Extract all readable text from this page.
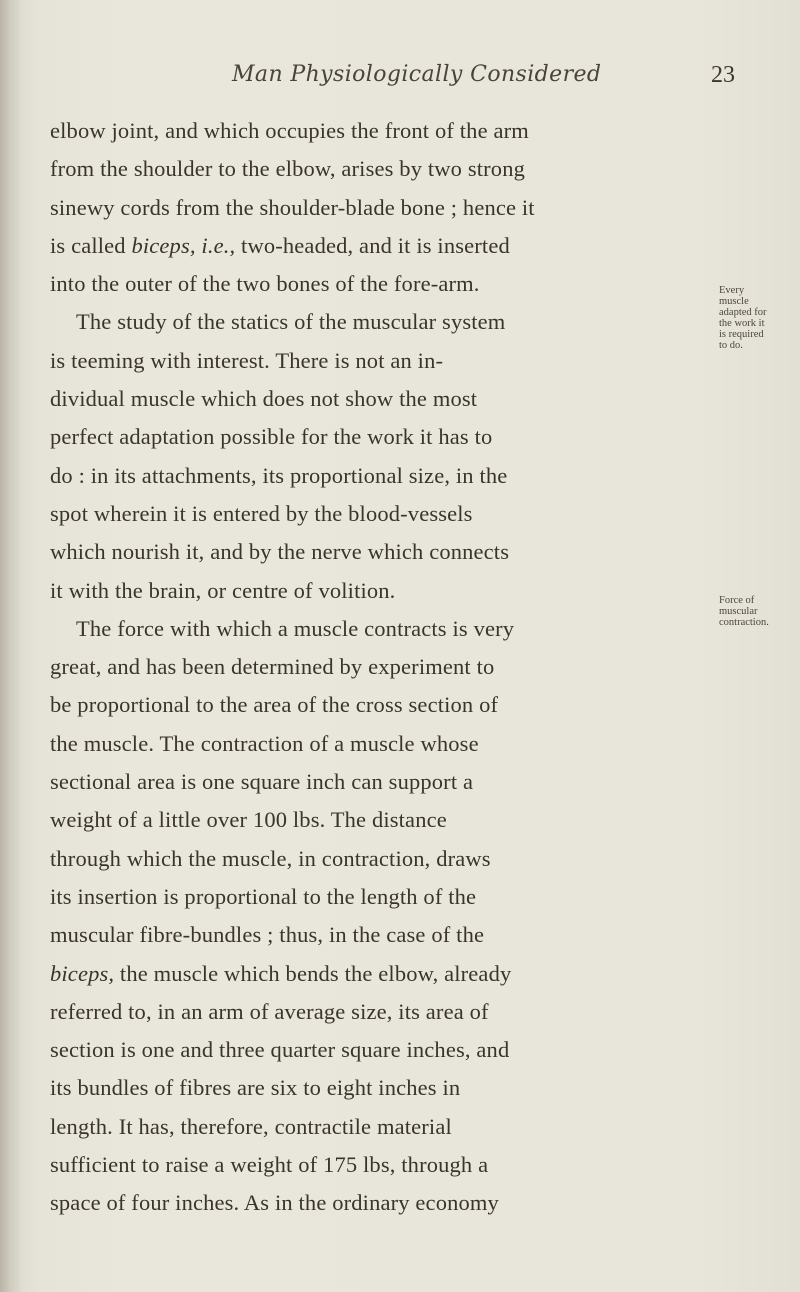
Man Physiologically Considered	23
elbow joint, and which occupies the front of the arm
from the shoulder to the elbow, arises by two strong
sinewy cords from the shoulder-blade bone ; hence it
is called biceps, i.e., two-headed, and it is inserted
into the outer of the two bones of the fore-arm.
The study of the statics of the muscular system
is teeming with interest. There is not an in-
dividual muscle which does not show the most
perfect adaptation possible for the work it has to
do : in its attachments, its proportional size, in the
spot wherein it is entered by the blood-vessels
which nourish it, and by the nerve which connects
it with the brain, or centre of volition.
The force with which a muscle contracts is very
great, and has been determined by experiment to
be proportional to the area of the cross section of
the muscle. The contraction of a muscle whose
sectional area is one square inch can support a
weight of a little over 100 lbs. The distance
through which the muscle, in contraction, draws
its insertion is proportional to the length of the
muscular fibre-bundles ; thus, in the case of the
biceps, the muscle which bends the elbow, already
referred to, in an arm of average size, its area of
section is one and three quarter square inches, and
its bundles of fibres are six to eight inches in
length. It has, therefore, contractile material
sufficient to raise a weight of 175 lbs, through a
space of four inches. As in the ordinary economy
Every
muscle
adapted for
the work it
is required
to do.
Force of
muscular
contraction.
